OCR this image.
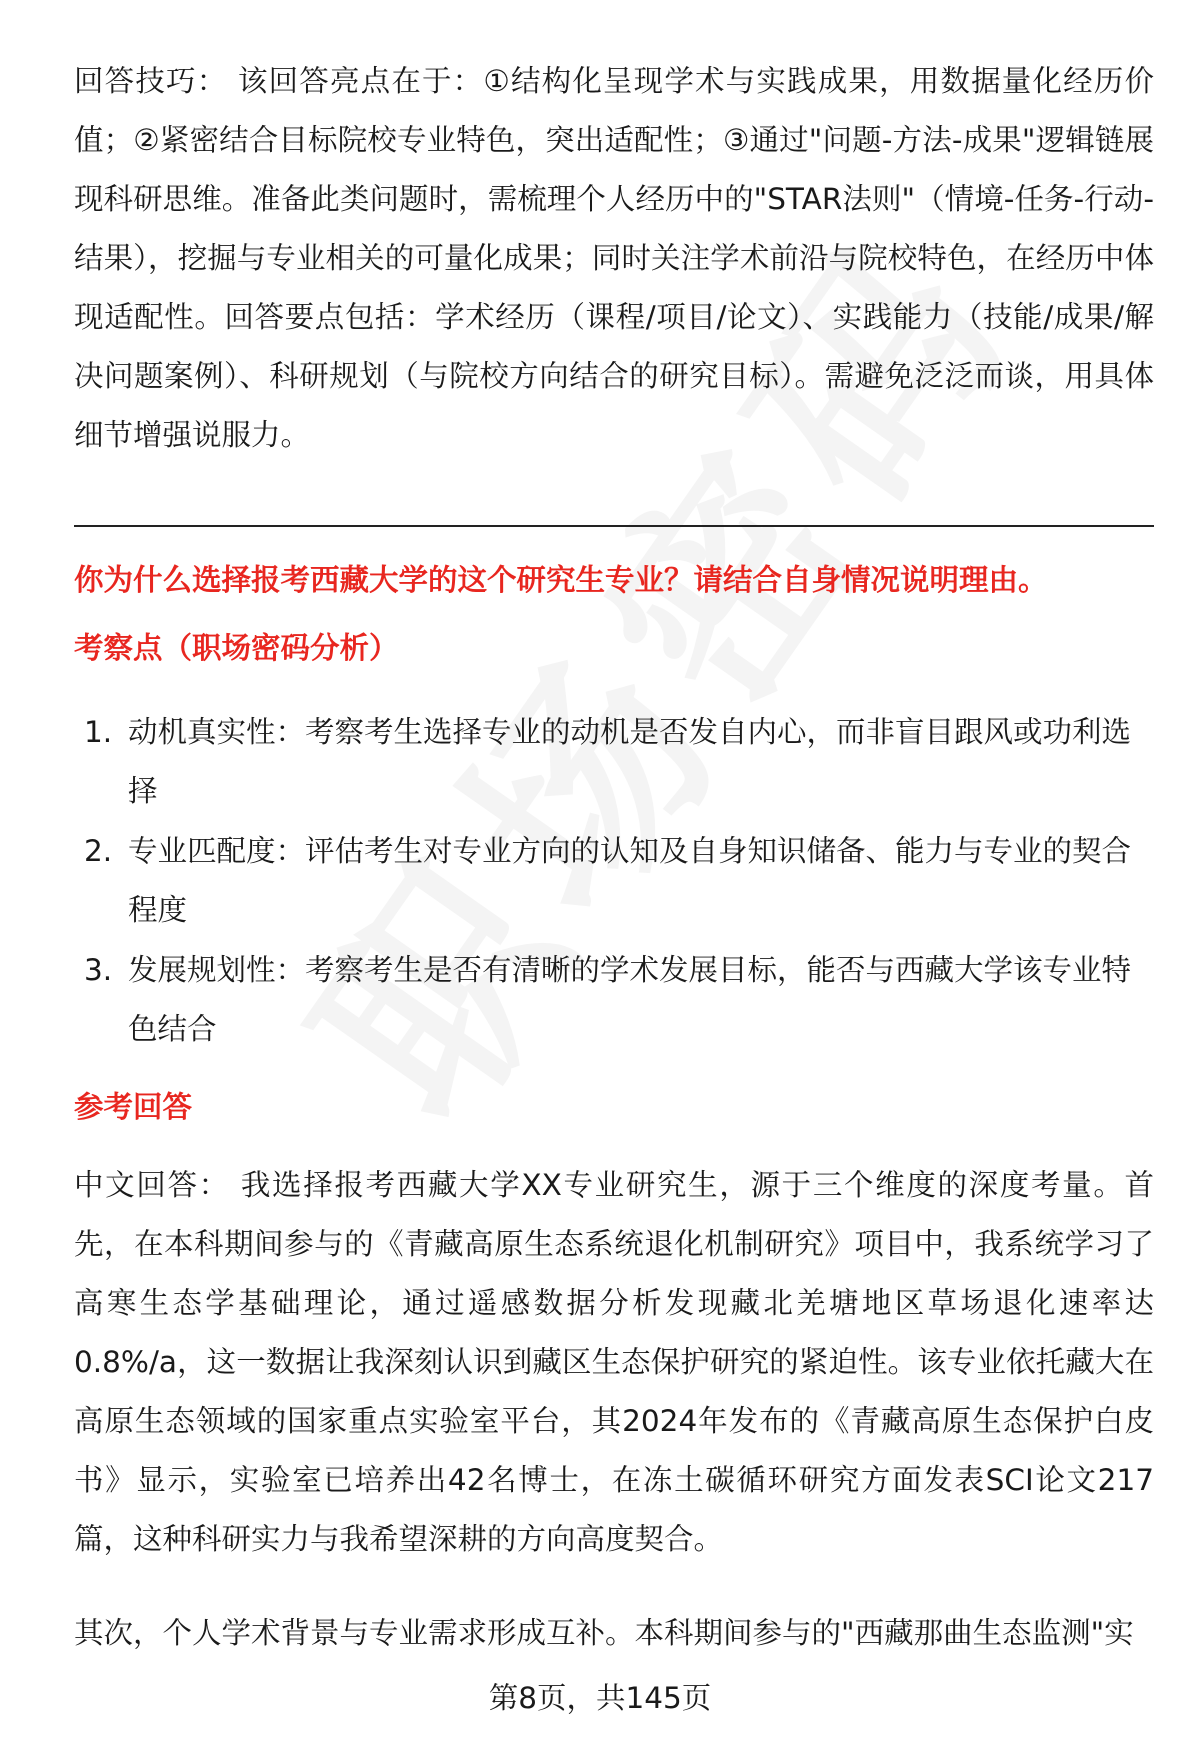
回答技巧： 该回答亮点在于：①结构化呈现学术与实践成果，用数据量化经历价值；②紧密结合目标院校专业特色，突出适配性；③通过"问题-方法-成果"逻辑链展现科研思维。准备此类问题时，需梳理个人经历中的"STAR法则"（情境-任务-行动-结果），挖掘与专业相关的可量化成果；同时关注学术前沿与院校特色，在经历中体现适配性。回答要点包括：学术经历（课程/项目/论文）、实践能力（技能/成果/解决问题案例）、科研规划（与院校方向结合的研究目标）。需避免泛泛而谈，用具体细节增强说服力。

你为什么选择报考西藏大学的这个研究生专业？请结合自身情况说明理由。
考察点（职场密码分析）
1. 动机真实性：考察考生选择专业的动机是否发自内心，而非盲目跟风或功利选择
2. 专业匹配度：评估考生对专业方向的认知及自身知识储备、能力与专业的契合程度
3. 发展规划性：考察考生是否有清晰的学术发展目标，能否与西藏大学该专业特色结合
参考回答

中文回答： 我选择报考西藏大学XX专业研究生，源于三个维度的深度考量。首先，在本科期间参与的《青藏高原生态系统退化机制研究》项目中，我系统学习了高寒生态学基础理论，通过遥感数据分析发现藏北羌塘地区草场退化速率达0.8%/a，这一数据让我深刻认识到藏区生态保护研究的紧迫性。该专业依托藏大在高原生态领域的国家重点实验室平台，其2024年发布的《青藏高原生态保护白皮书》显示，实验室已培养出42名博士，在冻土碳循环研究方面发表SCI论文217篇，这种科研实力与我希望深耕的方向高度契合。

其次，个人学术背景与专业需求形成互补。本科期间参与的"西藏那曲生态监测"实

第8页，共145页
